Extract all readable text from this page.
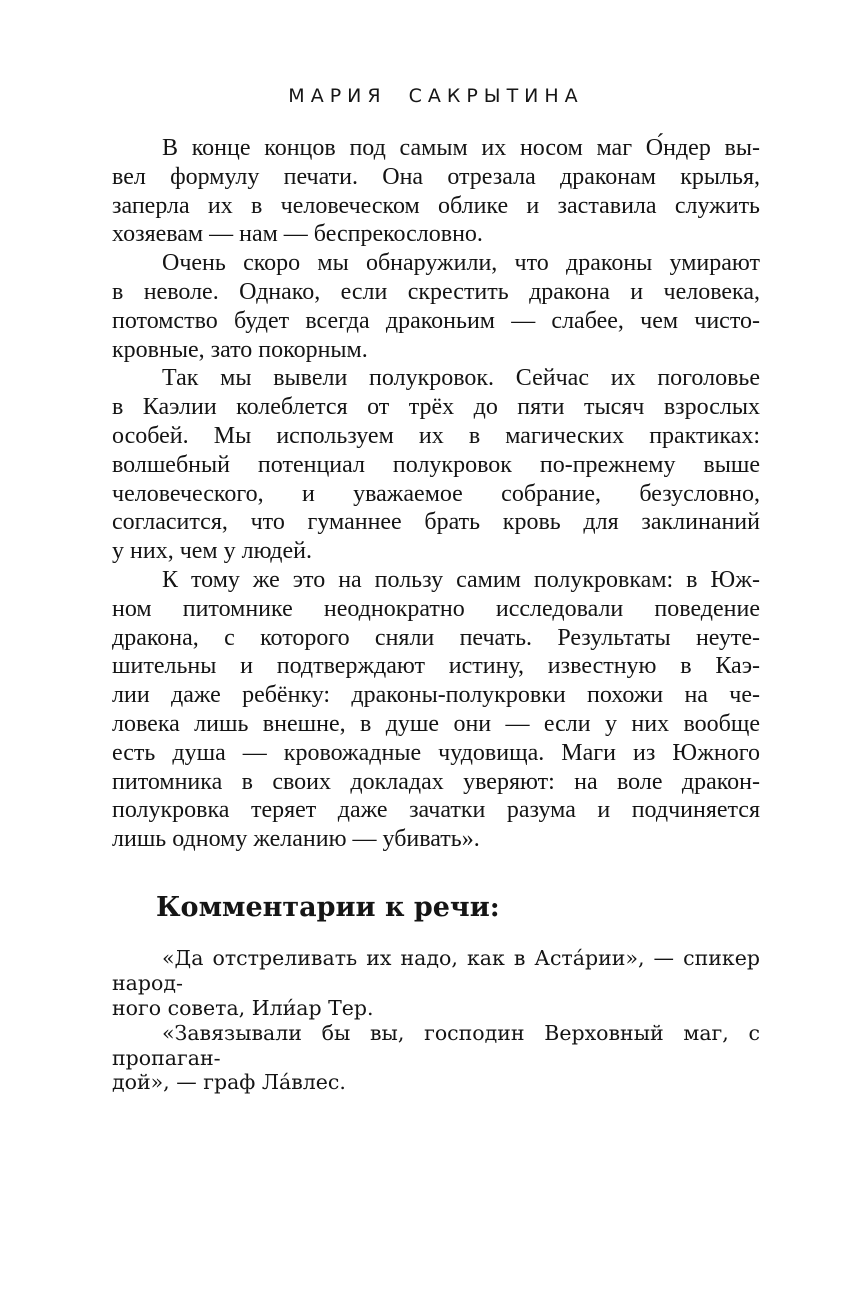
МАРИЯ САКРЫТИНА
В конце концов под самым их носом маг О́ндер вы-
вел формулу печати. Она отрезала драконам крылья,
заперла их в человеческом облике и заставила служить
хозяевам — нам — беспрекословно.
Очень скоро мы обнаружили, что драконы умирают
в неволе. Однако, если скрестить дракона и человека,
потомство будет всегда драконьим — слабее, чем чисто-
кровные, зато покорным.
Так мы вывели полукровок. Сейчас их поголовье
в Каэлии колеблется от трёх до пяти тысяч взрослых
особей. Мы используем их в магических практиках:
волшебный потенциал полукровок по-прежнему выше
человеческого, и уважаемое собрание, безусловно,
согласится, что гуманнее брать кровь для заклинаний
у них, чем у людей.
К тому же это на пользу самим полукровкам: в Юж-
ном питомнике неоднократно исследовали поведение
дракона, с которого сняли печать. Результаты неуте-
шительны и подтверждают истину, известную в Каэ-
лии даже ребёнку: драконы-полукровки похожи на че-
ловека лишь внешне, в душе они — если у них вообще
есть душа — кровожадные чудовища. Маги из Южного
питомника в своих докладах уверяют: на воле дракон-
полукровка теряет даже зачатки разума и подчиняется
лишь одному желанию — убивать».
Комментарии к речи:
«Да отстреливать их надо, как в Аста́рии», — спикер народ-
ного совета, Или́ар Тер.
«Завязывали бы вы, господин Верховный маг, с пропаган-
дой», — граф Ла́влес.
